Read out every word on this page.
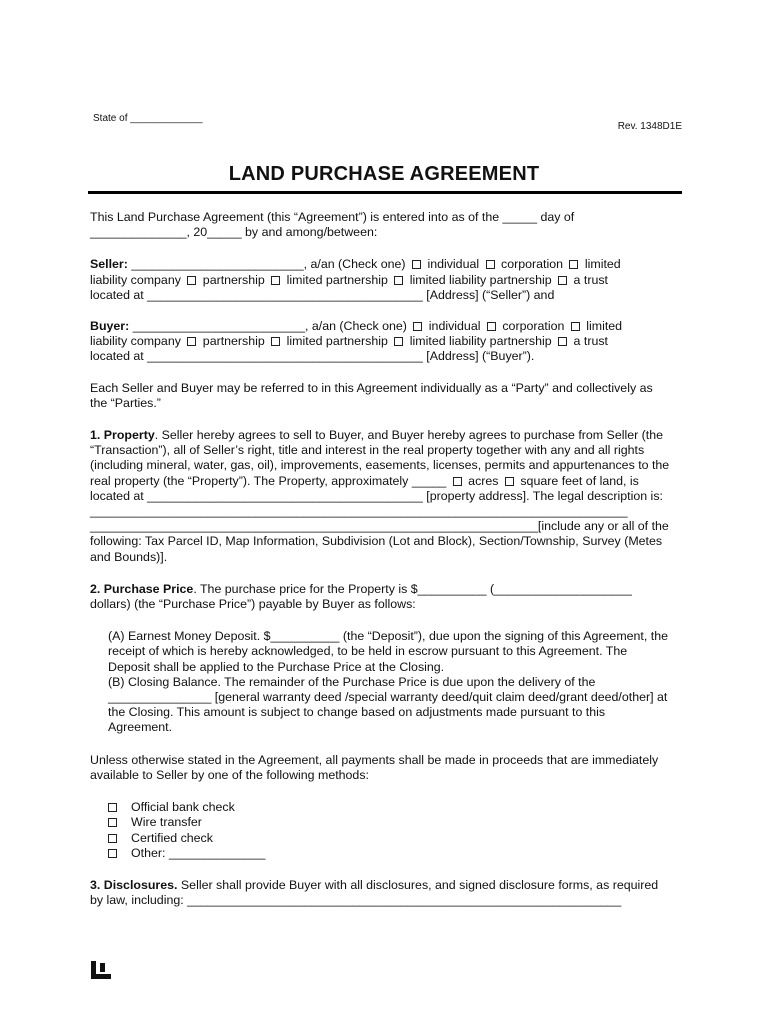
State of _____________
Rev. 1348D1E
LAND PURCHASE AGREEMENT

This Land Purchase Agreement (this “Agreement”) is entered into as of the _____ day of
______________, 20_____ by and among/between:

Seller: _________________________, a/an (Check one)  individual  corporation  limited
liability company  partnership  limited partnership  limited liability partnership  a trust
located at ________________________________________ [Address] (“Seller”) and

Buyer: _________________________, a/an (Check one)  individual  corporation  limited
liability company  partnership  limited partnership  limited liability partnership  a trust
located at ________________________________________ [Address] (“Buyer”).

Each Seller and Buyer may be referred to in this Agreement individually as a “Party” and collectively as
the “Parties.”

1. Property. Seller hereby agrees to sell to Buyer, and Buyer hereby agrees to purchase from Seller (the
“Transaction”), all of Seller’s right, title and interest in the real property together with any and all rights
(including mineral, water, gas, oil), improvements, easements, licenses, permits and appurtenances to the
real property (the “Property”). The Property, approximately _____  acres  square feet of land, is
located at ________________________________________ [property address]. The legal description is:
______________________________________________________________________________
_________________________________________________________________[include any or all of the
following: Tax Parcel ID, Map Information, Subdivision (Lot and Block), Section/Township, Survey (Metes
and Bounds)].

2. Purchase Price. The purchase price for the Property is $__________ (____________________
dollars) (the “Purchase Price”) payable by Buyer as follows:

(A) Earnest Money Deposit. $__________ (the “Deposit”), due upon the signing of this Agreement, the
receipt of which is hereby acknowledged, to be held in escrow pursuant to this Agreement. The
Deposit shall be applied to the Purchase Price at the Closing.
(B) Closing Balance. The remainder of the Purchase Price is due upon the delivery of the
_______________ [general warranty deed /special warranty deed/quit claim deed/grant deed/other] at
the Closing. This amount is subject to change based on adjustments made pursuant to this
Agreement.

Unless otherwise stated in the Agreement, all payments shall be made in proceeds that are immediately
available to Seller by one of the following methods:

Official bank check
Wire transfer
Certified check
Other: ______________

3. Disclosures. Seller shall provide Buyer with all disclosures, and signed disclosure forms, as required
by law, including: _______________________________________________________________
